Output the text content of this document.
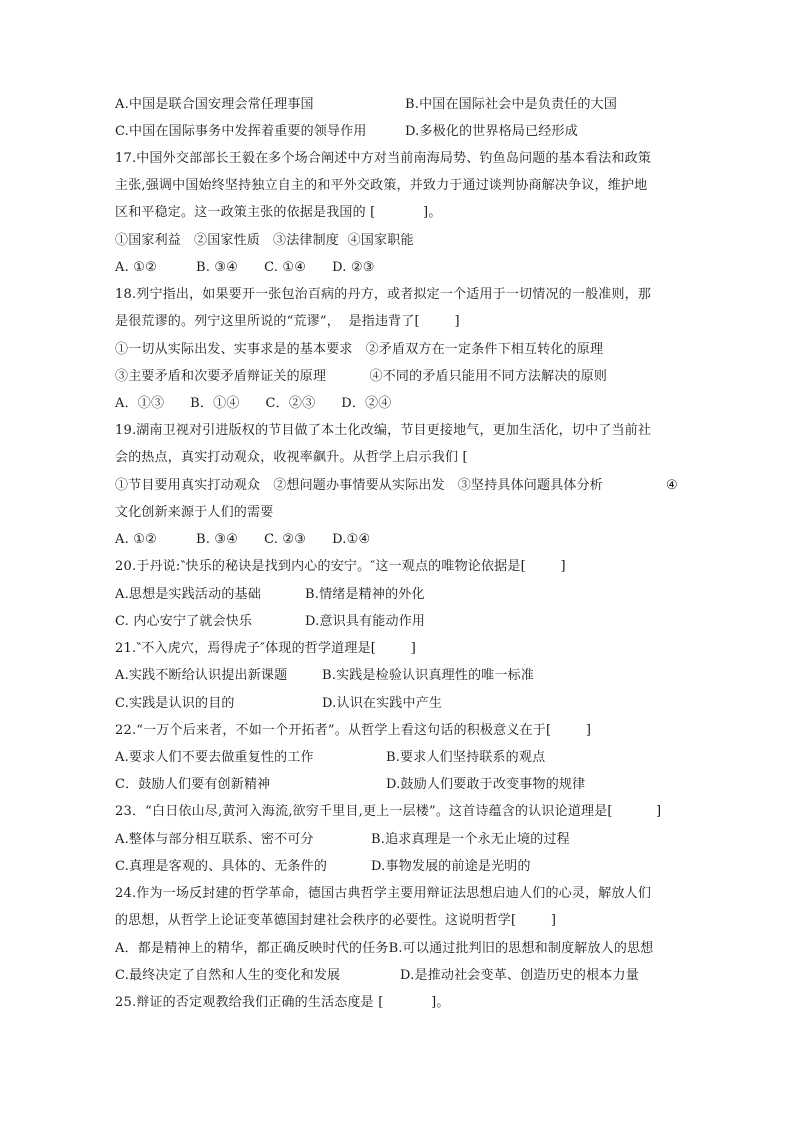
A.中国是联合国安理会常任理事国	B.中国在国际社会中是负责任的大国
C.中国在国际事务中发挥着重要的领导作用	D.多极化的世界格局已经形成
17.中国外交部部长王毅在多个场合阐述中方对当前南海局势、钓鱼岛问题的基本看法和政策
主张,强调中国始终坚持独立自主的和平外交政策，并致力于通过谈判协商解决争议，维护地
区和平稳定。这一政策主张的依据是我国的 [           ]。
①国家利益   ②国家性质   ③法律制度  ④国家职能
A. ①②         B. ③④      C. ①④      D. ②③
18.列宁指出，如果要开一张包治百病的丹方，或者拟定一个适用于一切情况的一般准则，那
是很荒谬的。列宁这里所说的“荒谬”，  是指违背了[        ]
①一切从实际出发、实事求是的基本要求   ②矛盾双方在一定条件下相互转化的原理
③主要矛盾和次要矛盾辩证关的原理          ④不同的矛盾只能用不同方法解决的原则
A．①③      B．①④      C．②③      D．②④
19.湖南卫视对引进版权的节目做了本土化改编，节目更接地气，更加生活化，切中了当前社
会的热点，真实打动观众，收视率飙升。从哲学上启示我们 [
①节目要用真实打动观众   ②想问题办事情要从实际出发   ③坚持具体问题具体分析	④
文化创新来源于人们的需要
A. ①②         B. ③④      C. ②③      D.①④
20.于丹说:‶快乐的秘诀是找到内心的安宁。″这一观点的唯物论依据是[        ]
A.思想是实践活动的基础	B.情绪是精神的外化
C. 内心安宁了就会快乐	D.意识具有能动作用
21.‶不入虎穴，焉得虎子″体现的哲学道理是[        ]
A.实践不断给认识提出新课题	B.实践是检验认识真理性的唯一标准
C.实践是认识的目的	D.认识在实践中产生
22.“一万个后来者，不如一个开拓者”。从哲学上看这句话的积极意义在于[        ]
A.要求人们不要去做重复性的工作	B.要求人们坚持联系的观点
C．鼓励人们要有创新精神	D.鼓励人们要敢于改变事物的规律
23．“白日依山尽,黄河入海流,欲穷千里目,更上一层楼”。这首诗蕴含的认识论道理是[          ]
A.整体与部分相互联系、密不可分	B.追求真理是一个永无止境的过程
C.真理是客观的、具体的、无条件的	D.事物发展的前途是光明的
24.作为一场反封建的哲学革命，德国古典哲学主要用辩证法思想启迪人们的心灵，解放人们
的思想，从哲学上论证变革德国封建社会秩序的必要性。这说明哲学[        ]
A．都是精神上的精华，都正确反映时代的任务B.可以通过批判旧的思想和制度解放人的思想
C.最终决定了自然和人生的变化和发展	D.是推动社会变革、创造历史的根本力量
25.辩证的否定观教给我们正确的生活态度是 [           ]。
